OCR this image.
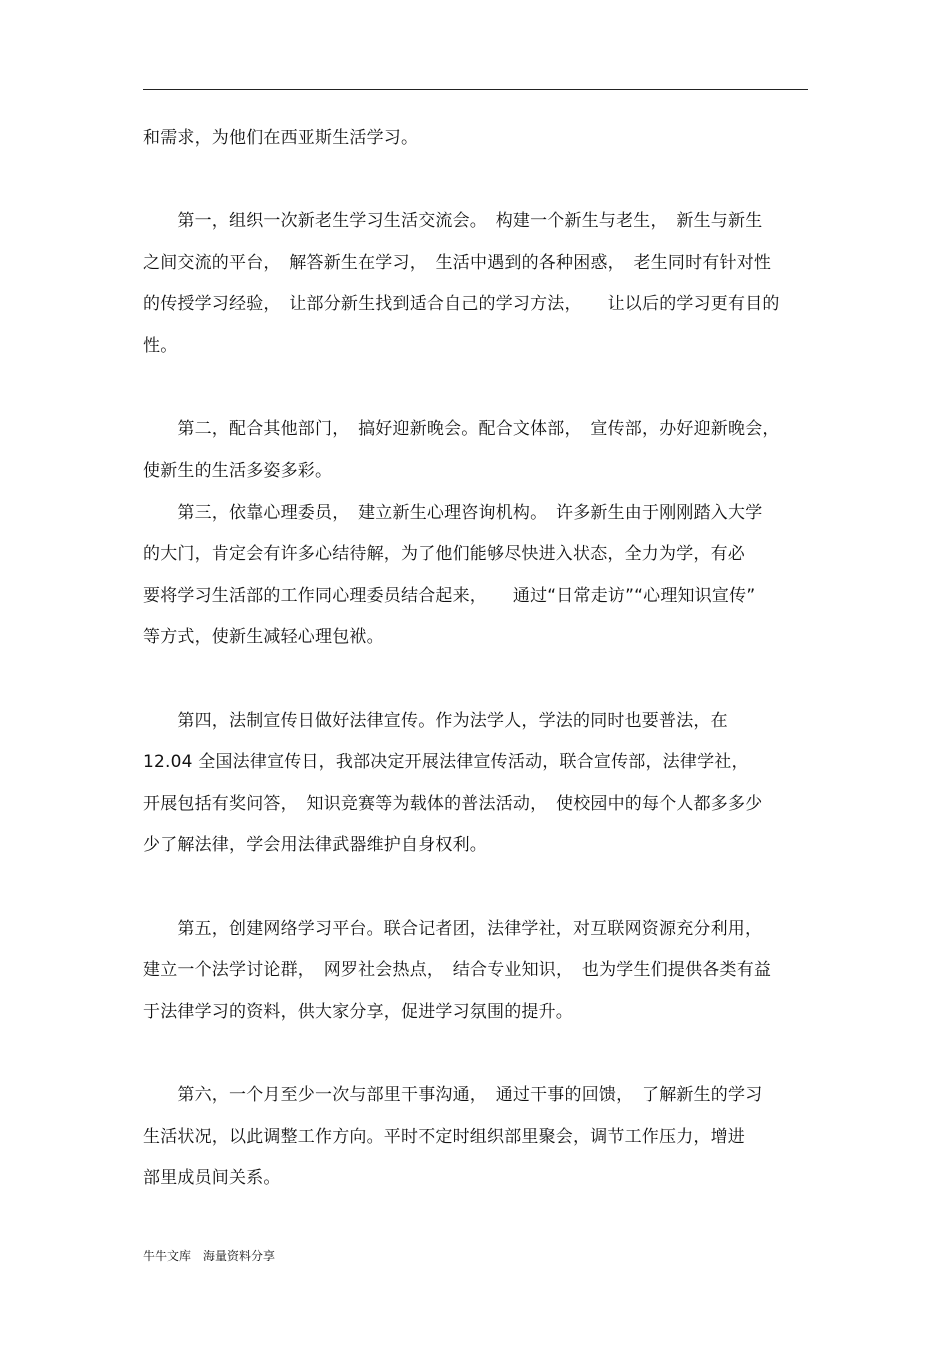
和需求，为他们在西亚斯生活学习。
　　第一，组织一次新老生学习生活交流会。　构建一个新生与老生，　新生与新生
之间交流的平台，　解答新生在学习，　生活中遇到的各种困惑，　老生同时有针对性
的传授学习经验，　让部分新生找到适合自己的学习方法，　　让以后的学习更有目的
性。
　　第二，配合其他部门，　搞好迎新晚会。配合文体部，　宣传部，办好迎新晚会，
使新生的生活多姿多彩。
　　第三，依靠心理委员，　建立新生心理咨询机构。　许多新生由于刚刚踏入大学
的大门，肯定会有许多心结待解，为了他们能够尽快进入状态，全力为学，有必
要将学习生活部的工作同心理委员结合起来，　　通过“日常走访”“心理知识宣传”
等方式，使新生减轻心理包袱。
　　第四，法制宣传日做好法律宣传。作为法学人，学法的同时也要普法，在
12.04 全国法律宣传日，我部决定开展法律宣传活动，联合宣传部，法律学社，
开展包括有奖问答，　知识竞赛等为载体的普法活动，　使校园中的每个人都多多少
少了解法律，学会用法律武器维护自身权利。
　　第五，创建网络学习平台。联合记者团，法律学社，对互联网资源充分利用，
建立一个法学讨论群，　网罗社会热点，　结合专业知识，　也为学生们提供各类有益
于法律学习的资料，供大家分享，促进学习氛围的提升。
　　第六，一个月至少一次与部里干事沟通，　通过干事的回馈，　了解新生的学习
生活状况，以此调整工作方向。平时不定时组织部里聚会，调节工作压力，增进
部里成员间关系。
牛牛文库　海量资料分享
